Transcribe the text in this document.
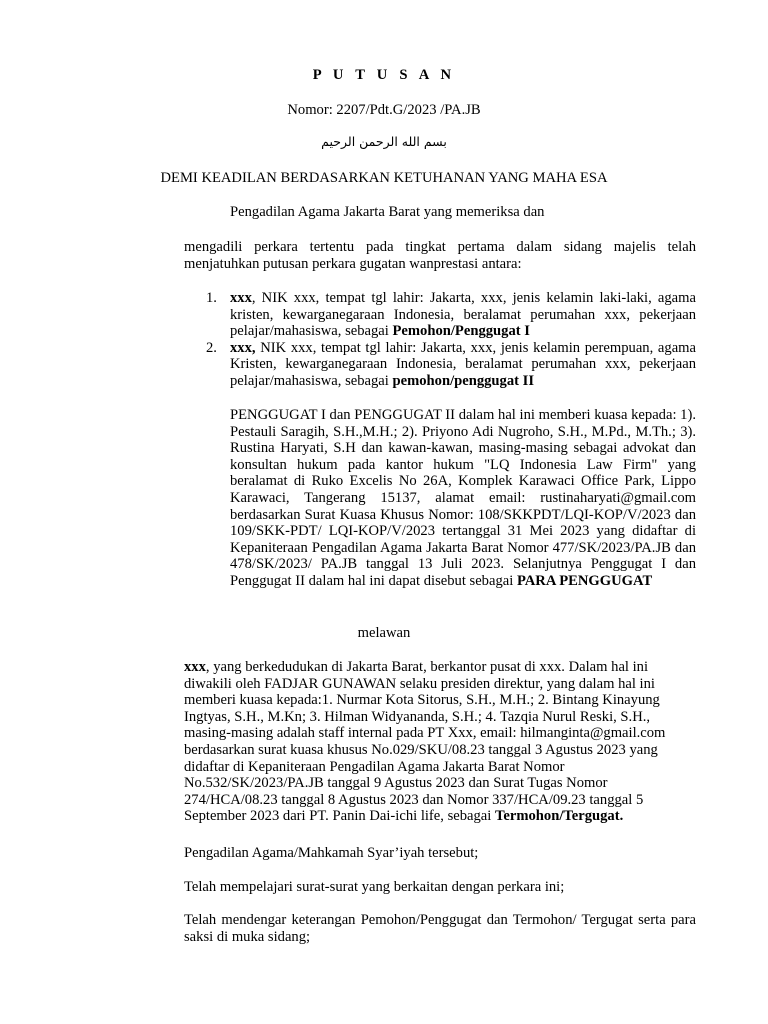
P U T U S A N
Nomor: 2207/Pdt.G/2023 /PA.JB
بسم الله الرحمن الرحيم
DEMI KEADILAN BERDASARKAN KETUHANAN YANG MAHA ESA

Pengadilan Agama Jakarta Barat yang memeriksa dan

mengadili perkara tertentu pada tingkat pertama dalam sidang majelis telah menjatuhkan putusan perkara gugatan wanprestasi antara:

1. xxx, NIK xxx, tempat tgl lahir: Jakarta, xxx, jenis kelamin laki-laki, agama kristen, kewarganegaraan Indonesia, beralamat perumahan xxx, pekerjaan pelajar/mahasiswa, sebagai Pemohon/Penggugat I
2. xxx, NIK xxx, tempat tgl lahir: Jakarta, xxx, jenis kelamin perempuan, agama Kristen, kewarganegaraan Indonesia, beralamat perumahan xxx, pekerjaan pelajar/mahasiswa, sebagai pemohon/penggugat II

PENGGUGAT I dan PENGGUGAT II dalam hal ini memberi kuasa kepada: 1). Pestauli Saragih, S.H.,M.H.; 2). Priyono Adi Nugroho, S.H., M.Pd., M.Th.; 3). Rustina Haryati, S.H dan kawan-kawan, masing-masing sebagai advokat dan konsultan hukum pada kantor hukum "LQ Indonesia Law Firm" yang beralamat di Ruko Excelis No 26A, Komplek Karawaci Office Park, Lippo Karawaci, Tangerang 15137, alamat email: rustinaharyati@gmail.com berdasarkan Surat Kuasa Khusus Nomor: 108/SKKPDT/LQI-KOP/V/2023 dan 109/SKK-PDT/ LQI-KOP/V/2023 tertanggal 31 Mei 2023 yang didaftar di Kepaniteraan Pengadilan Agama Jakarta Barat Nomor 477/SK/2023/PA.JB dan 478/SK/2023/ PA.JB tanggal 13 Juli 2023. Selanjutnya Penggugat I dan Penggugat II dalam hal ini dapat disebut sebagai PARA PENGGUGAT

melawan

xxx, yang berkedudukan di Jakarta Barat, berkantor pusat di xxx. Dalam hal ini diwakili oleh FADJAR GUNAWAN selaku presiden direktur, yang dalam hal ini memberi kuasa kepada:1. Nurmar Kota Sitorus, S.H., M.H.; 2. Bintang Kinayung Ingtyas, S.H., M.Kn; 3. Hilman Widyananda, S.H.; 4. Tazqia Nurul Reski, S.H., masing-masing adalah staff internal pada PT Xxx, email: hilmanginta@gmail.com berdasarkan surat kuasa khusus No.029/SKU/08.23 tanggal 3 Agustus 2023 yang didaftar di Kepaniteraan Pengadilan Agama Jakarta Barat Nomor No.532/SK/2023/PA.JB tanggal 9 Agustus 2023 dan Surat Tugas Nomor 274/HCA/08.23 tanggal 8 Agustus 2023 dan Nomor 337/HCA/09.23 tanggal 5 September 2023 dari PT. Panin Dai-ichi life, sebagai Termohon/Tergugat.

Pengadilan Agama/Mahkamah Syar’iyah tersebut;

Telah mempelajari surat-surat yang berkaitan dengan perkara ini;

Telah mendengar keterangan Pemohon/Penggugat dan Termohon/ Tergugat serta para saksi di muka sidang;
